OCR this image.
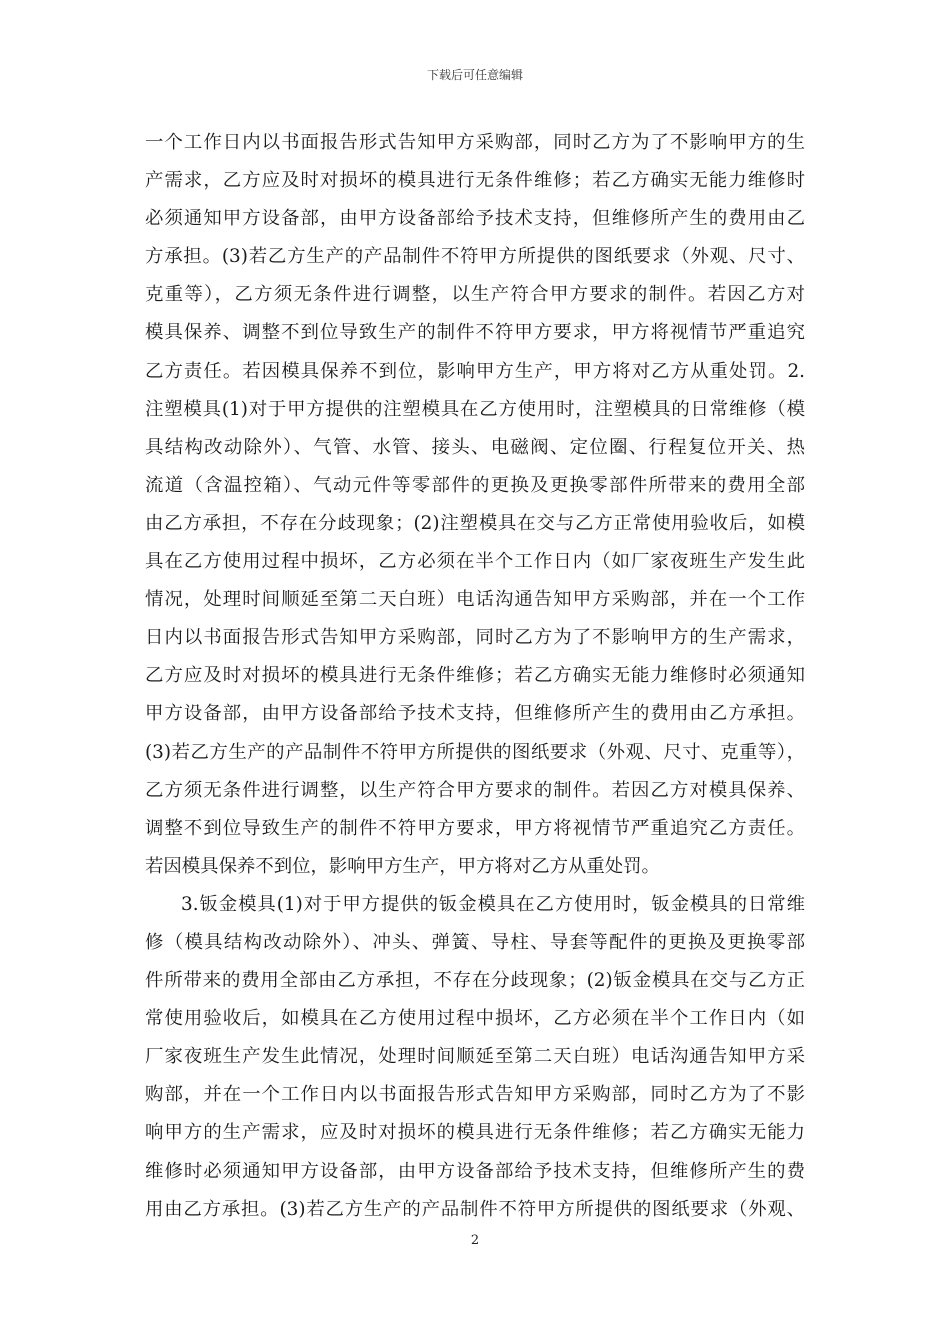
下载后可任意编辑
一个工作日内以书面报告形式告知甲方采购部，同时乙方为了不影响甲方的生
产需求，乙方应及时对损坏的模具进行无条件维修；若乙方确实无能力维修时
必须通知甲方设备部，由甲方设备部给予技术支持，但维修所产生的费用由乙
方承担。(3)若乙方生产的产品制件不符甲方所提供的图纸要求（外观、尺寸、
克重等），乙方须无条件进行调整，以生产符合甲方要求的制件。若因乙方对
模具保养、调整不到位导致生产的制件不符甲方要求，甲方将视情节严重追究
乙方责任。若因模具保养不到位，影响甲方生产，甲方将对乙方从重处罚。2.
注塑模具(1)对于甲方提供的注塑模具在乙方使用时，注塑模具的日常维修（模
具结构改动除外）、气管、水管、接头、电磁阀、定位圈、行程复位开关、热
流道（含温控箱）、气动元件等零部件的更换及更换零部件所带来的费用全部
由乙方承担，不存在分歧现象；(2)注塑模具在交与乙方正常使用验收后，如模
具在乙方使用过程中损坏，乙方必须在半个工作日内（如厂家夜班生产发生此
情况，处理时间顺延至第二天白班）电话沟通告知甲方采购部，并在一个工作
日内以书面报告形式告知甲方采购部，同时乙方为了不影响甲方的生产需求，
乙方应及时对损坏的模具进行无条件维修；若乙方确实无能力维修时必须通知
甲方设备部，由甲方设备部给予技术支持，但维修所产生的费用由乙方承担。
(3)若乙方生产的产品制件不符甲方所提供的图纸要求（外观、尺寸、克重等），
乙方须无条件进行调整，以生产符合甲方要求的制件。若因乙方对模具保养、
调整不到位导致生产的制件不符甲方要求，甲方将视情节严重追究乙方责任。
若因模具保养不到位，影响甲方生产，甲方将对乙方从重处罚。
3.钣金模具(1)对于甲方提供的钣金模具在乙方使用时，钣金模具的日常维
修（模具结构改动除外）、冲头、弹簧、导柱、导套等配件的更换及更换零部
件所带来的费用全部由乙方承担，不存在分歧现象；(2)钣金模具在交与乙方正
常使用验收后，如模具在乙方使用过程中损坏，乙方必须在半个工作日内（如
厂家夜班生产发生此情况，处理时间顺延至第二天白班）电话沟通告知甲方采
购部，并在一个工作日内以书面报告形式告知甲方采购部，同时乙方为了不影
响甲方的生产需求，应及时对损坏的模具进行无条件维修；若乙方确实无能力
维修时必须通知甲方设备部，由甲方设备部给予技术支持，但维修所产生的费
用由乙方承担。(3)若乙方生产的产品制件不符甲方所提供的图纸要求（外观、
2
